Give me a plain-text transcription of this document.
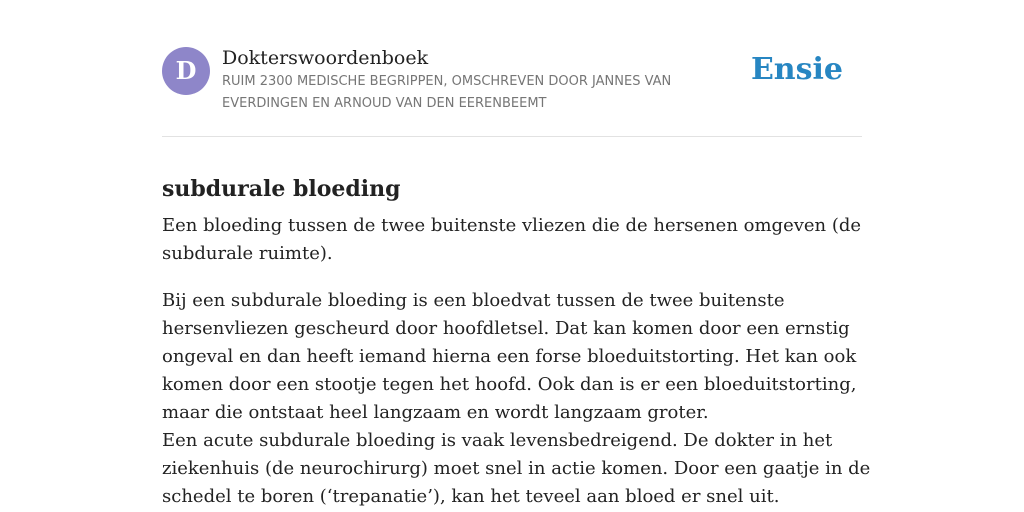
D	Dokterswoordenboek
RUIM 2300 MEDISCHE BEGRIPPEN, OMSCHREVEN DOOR JANNES VAN
EVERDINGEN EN ARNOUD VAN DEN EERENBEEMT
Ensie
subdurale bloeding

Een bloeding tussen de twee buitenste vliezen die de hersenen omgeven (de

subdurale ruimte).

Bij een subdurale bloeding is een bloedvat tussen de twee buitenste

hersenvliezen gescheurd door hoofdletsel. Dat kan komen door een ernstig

ongeval en dan heeft iemand hierna een forse bloeduitstorting. Het kan ook

komen door een stootje tegen het hoofd. Ook dan is er een bloeduitstorting,

maar die ontstaat heel langzaam en wordt langzaam groter.

Een acute subdurale bloeding is vaak levensbedreigend. De dokter in het

ziekenhuis (de neurochirurg) moet snel in actie komen. Door een gaatje in de

schedel te boren (‘trepanatie’), kan het teveel aan bloed er snel uit.
